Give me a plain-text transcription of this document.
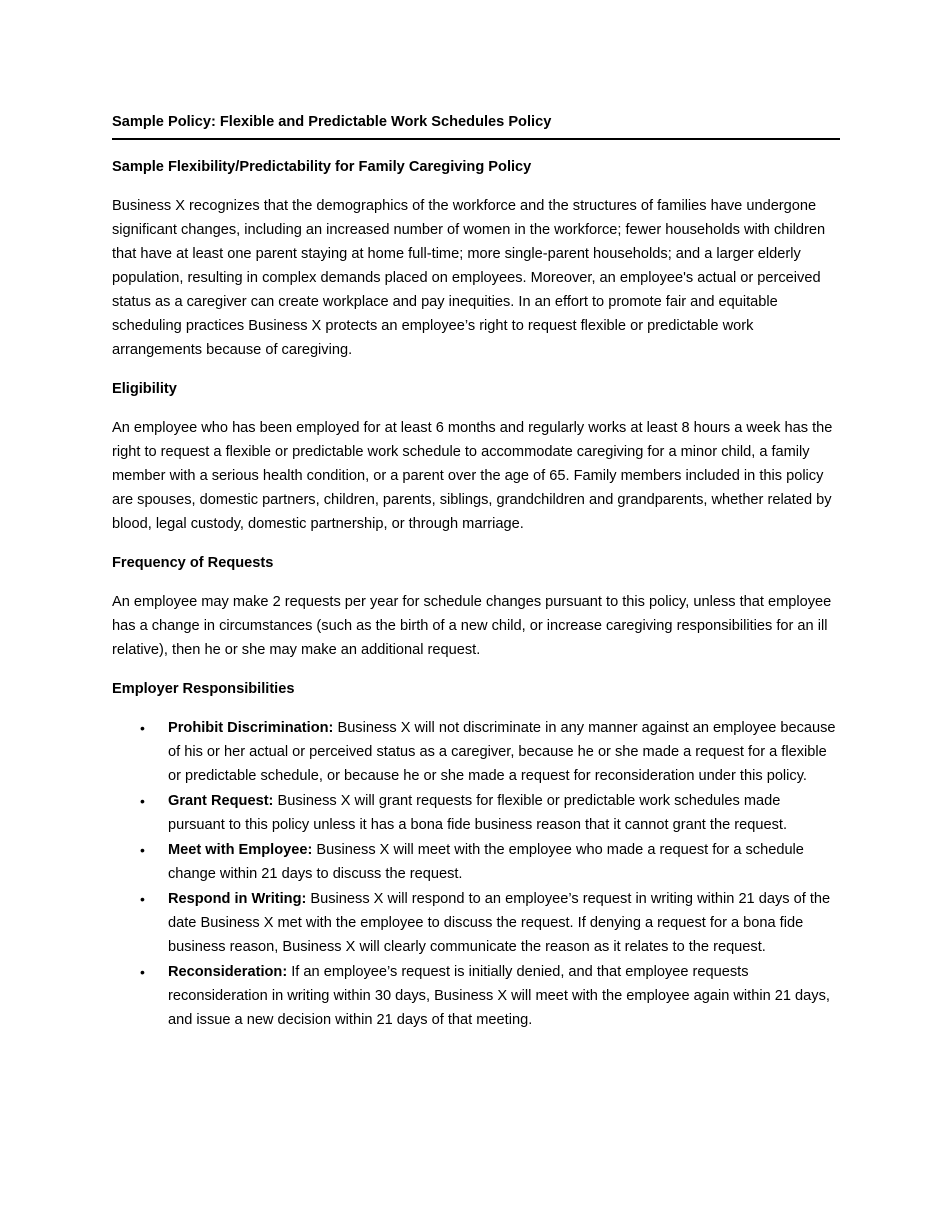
Sample Policy: Flexible and Predictable Work Schedules Policy

Sample Flexibility/Predictability for Family Caregiving Policy

Business X recognizes that the demographics of the workforce and the structures of families have undergone significant changes, including an increased number of women in the workforce; fewer households with children that have at least one parent staying at home full-time; more single-parent households; and a larger elderly population, resulting in complex demands placed on employees. Moreover, an employee's actual or perceived status as a caregiver can create workplace and pay inequities. In an effort to promote fair and equitable scheduling practices Business X protects an employee’s right to request flexible or predictable work arrangements because of caregiving.

Eligibility

An employee who has been employed for at least 6 months and regularly works at least 8 hours a week has the right to request a flexible or predictable work schedule to accommodate caregiving for a minor child, a family member with a serious health condition, or a parent over the age of 65. Family members included in this policy are spouses, domestic partners, children, parents, siblings, grandchildren and grandparents, whether related by blood, legal custody, domestic partnership, or through marriage.

Frequency of Requests

An employee may make 2 requests per year for schedule changes pursuant to this policy, unless that employee has a change in circumstances (such as the birth of a new child, or increase caregiving responsibilities for an ill relative), then he or she may make an additional request.

Employer Responsibilities

•	Prohibit Discrimination: Business X will not discriminate in any manner against an employee because of his or her actual or perceived status as a caregiver, because he or she made a request for a flexible or predictable schedule, or because he or she made a request for reconsideration under this policy.
•	Grant Request: Business X will grant requests for flexible or predictable work schedules made pursuant to this policy unless it has a bona fide business reason that it cannot grant the request.
•	Meet with Employee: Business X will meet with the employee who made a request for a schedule change within 21 days to discuss the request.
•	Respond in Writing: Business X will respond to an employee’s request in writing within 21 days of the date Business X met with the employee to discuss the request. If denying a request for a bona fide business reason, Business X will clearly communicate the reason as it relates to the request.
•	Reconsideration: If an employee’s request is initially denied, and that employee requests reconsideration in writing within 30 days, Business X will meet with the employee again within 21 days, and issue a new decision within 21 days of that meeting.
